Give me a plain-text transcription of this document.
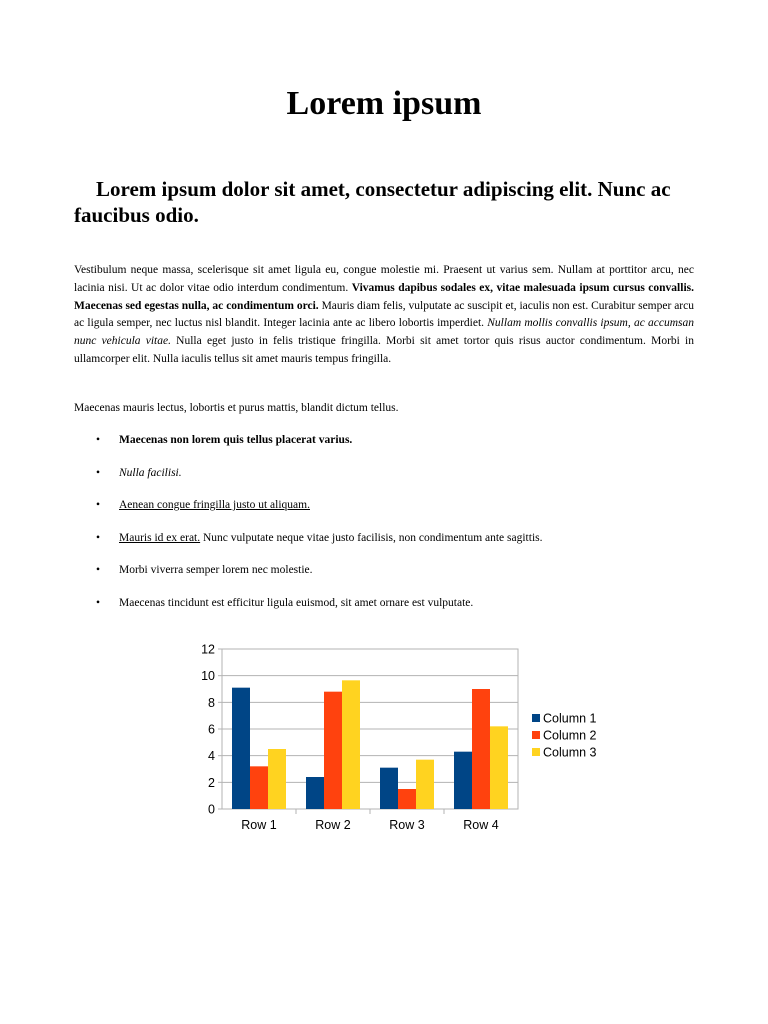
Lorem ipsum
Lorem ipsum dolor sit amet, consectetur adipiscing elit. Nunc ac faucibus odio.

Vestibulum neque massa, scelerisque sit amet ligula eu, congue molestie mi. Praesent ut varius sem. Nullam at porttitor arcu, nec lacinia nisi. Ut ac dolor vitae odio interdum condimentum. Vivamus dapibus sodales ex, vitae malesuada ipsum cursus convallis. Maecenas sed egestas nulla, ac condimentum orci. Mauris diam felis, vulputate ac suscipit et, iaculis non est. Curabitur semper arcu ac ligula semper, nec luctus nisl blandit. Integer lacinia ante ac libero lobortis imperdiet. Nullam mollis convallis ipsum, ac accumsan nunc vehicula vitae. Nulla eget justo in felis tristique fringilla. Morbi sit amet tortor quis risus auctor condimentum. Morbi in ullamcorper elit. Nulla iaculis tellus sit amet mauris tempus fringilla.

Maecenas mauris lectus, lobortis et purus mattis, blandit dictum tellus.

• Maecenas non lorem quis tellus placerat varius.
• Nulla facilisi.
• Aenean congue fringilla justo ut aliquam.
• Mauris id ex erat. Nunc vulputate neque vitae justo facilisis, non condimentum ante sagittis.
• Morbi viverra semper lorem nec molestie.
• Maecenas tincidunt est efficitur ligula euismod, sit amet ornare est vulputate.
0
2
4
6
8
10
12
Row 1	Row 2	Row 3	Row 4
Column 1
Column 2
Column 3
